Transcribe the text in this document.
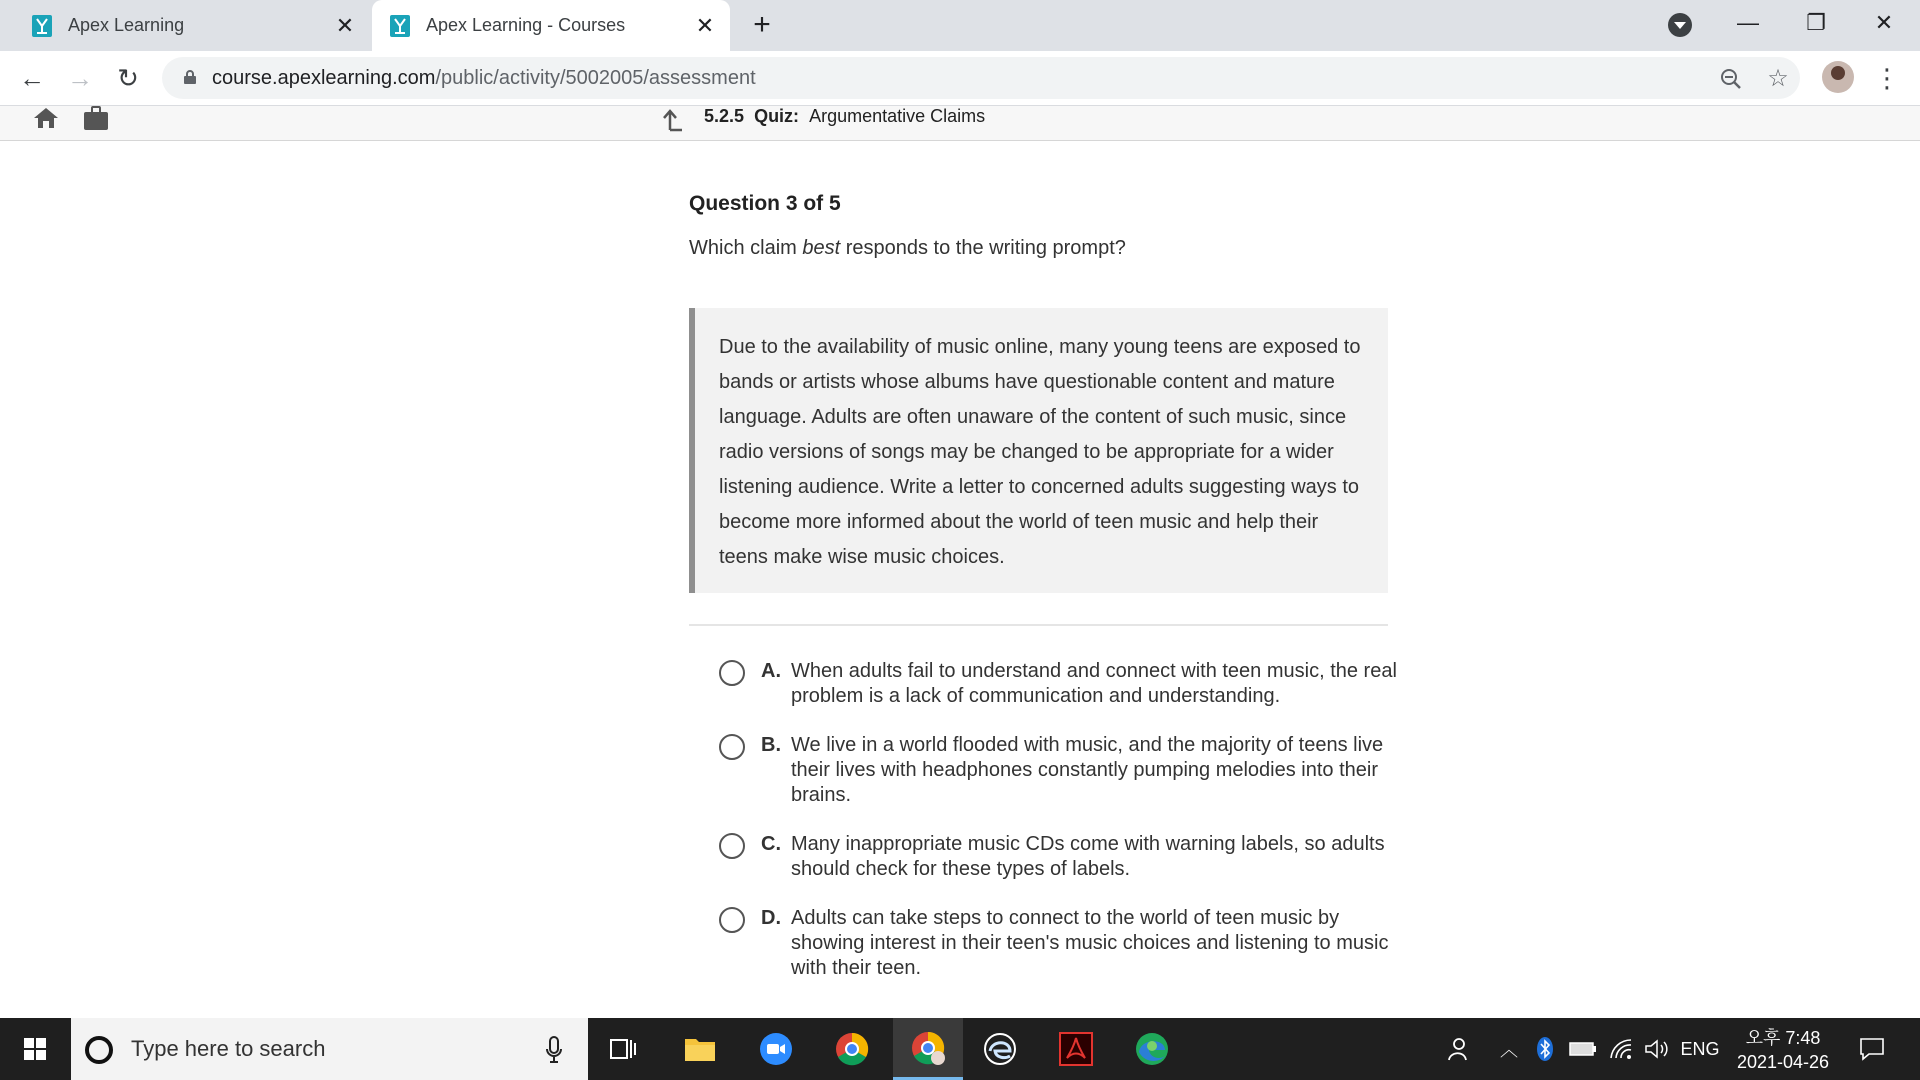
Apex Learning	✕	Apex Learning - Courses	✕ +	—	❐	✕
← → ↻	course.apexlearning.com/public/activity/5002005/assessment	☆	⋮
5.2.5 Quiz: Argumentative Claims
Question 3 of 5
Which claim best responds to the writing prompt?

Due to the availability of music online, many young teens are exposed to bands or artists whose albums have questionable content and mature language. Adults are often unaware of the content of such music, since radio versions of songs may be changed to be appropriate for a wider listening audience. Write a letter to concerned adults suggesting ways to become more informed about the world of teen music and help their teens make wise music choices.

A. When adults fail to understand and connect with teen music, the real problem is a lack of communication and understanding.
B. We live in a world flooded with music, and the majority of teens live their lives with headphones constantly pumping melodies into their brains.
C. Many inappropriate music CDs come with warning labels, so adults should check for these types of labels.
D. Adults can take steps to connect to the world of teen music by showing interest in their teen's music choices and listening to music with their teen.
Type here to search	︿	ENG
오후 7:48
2021-04-26
